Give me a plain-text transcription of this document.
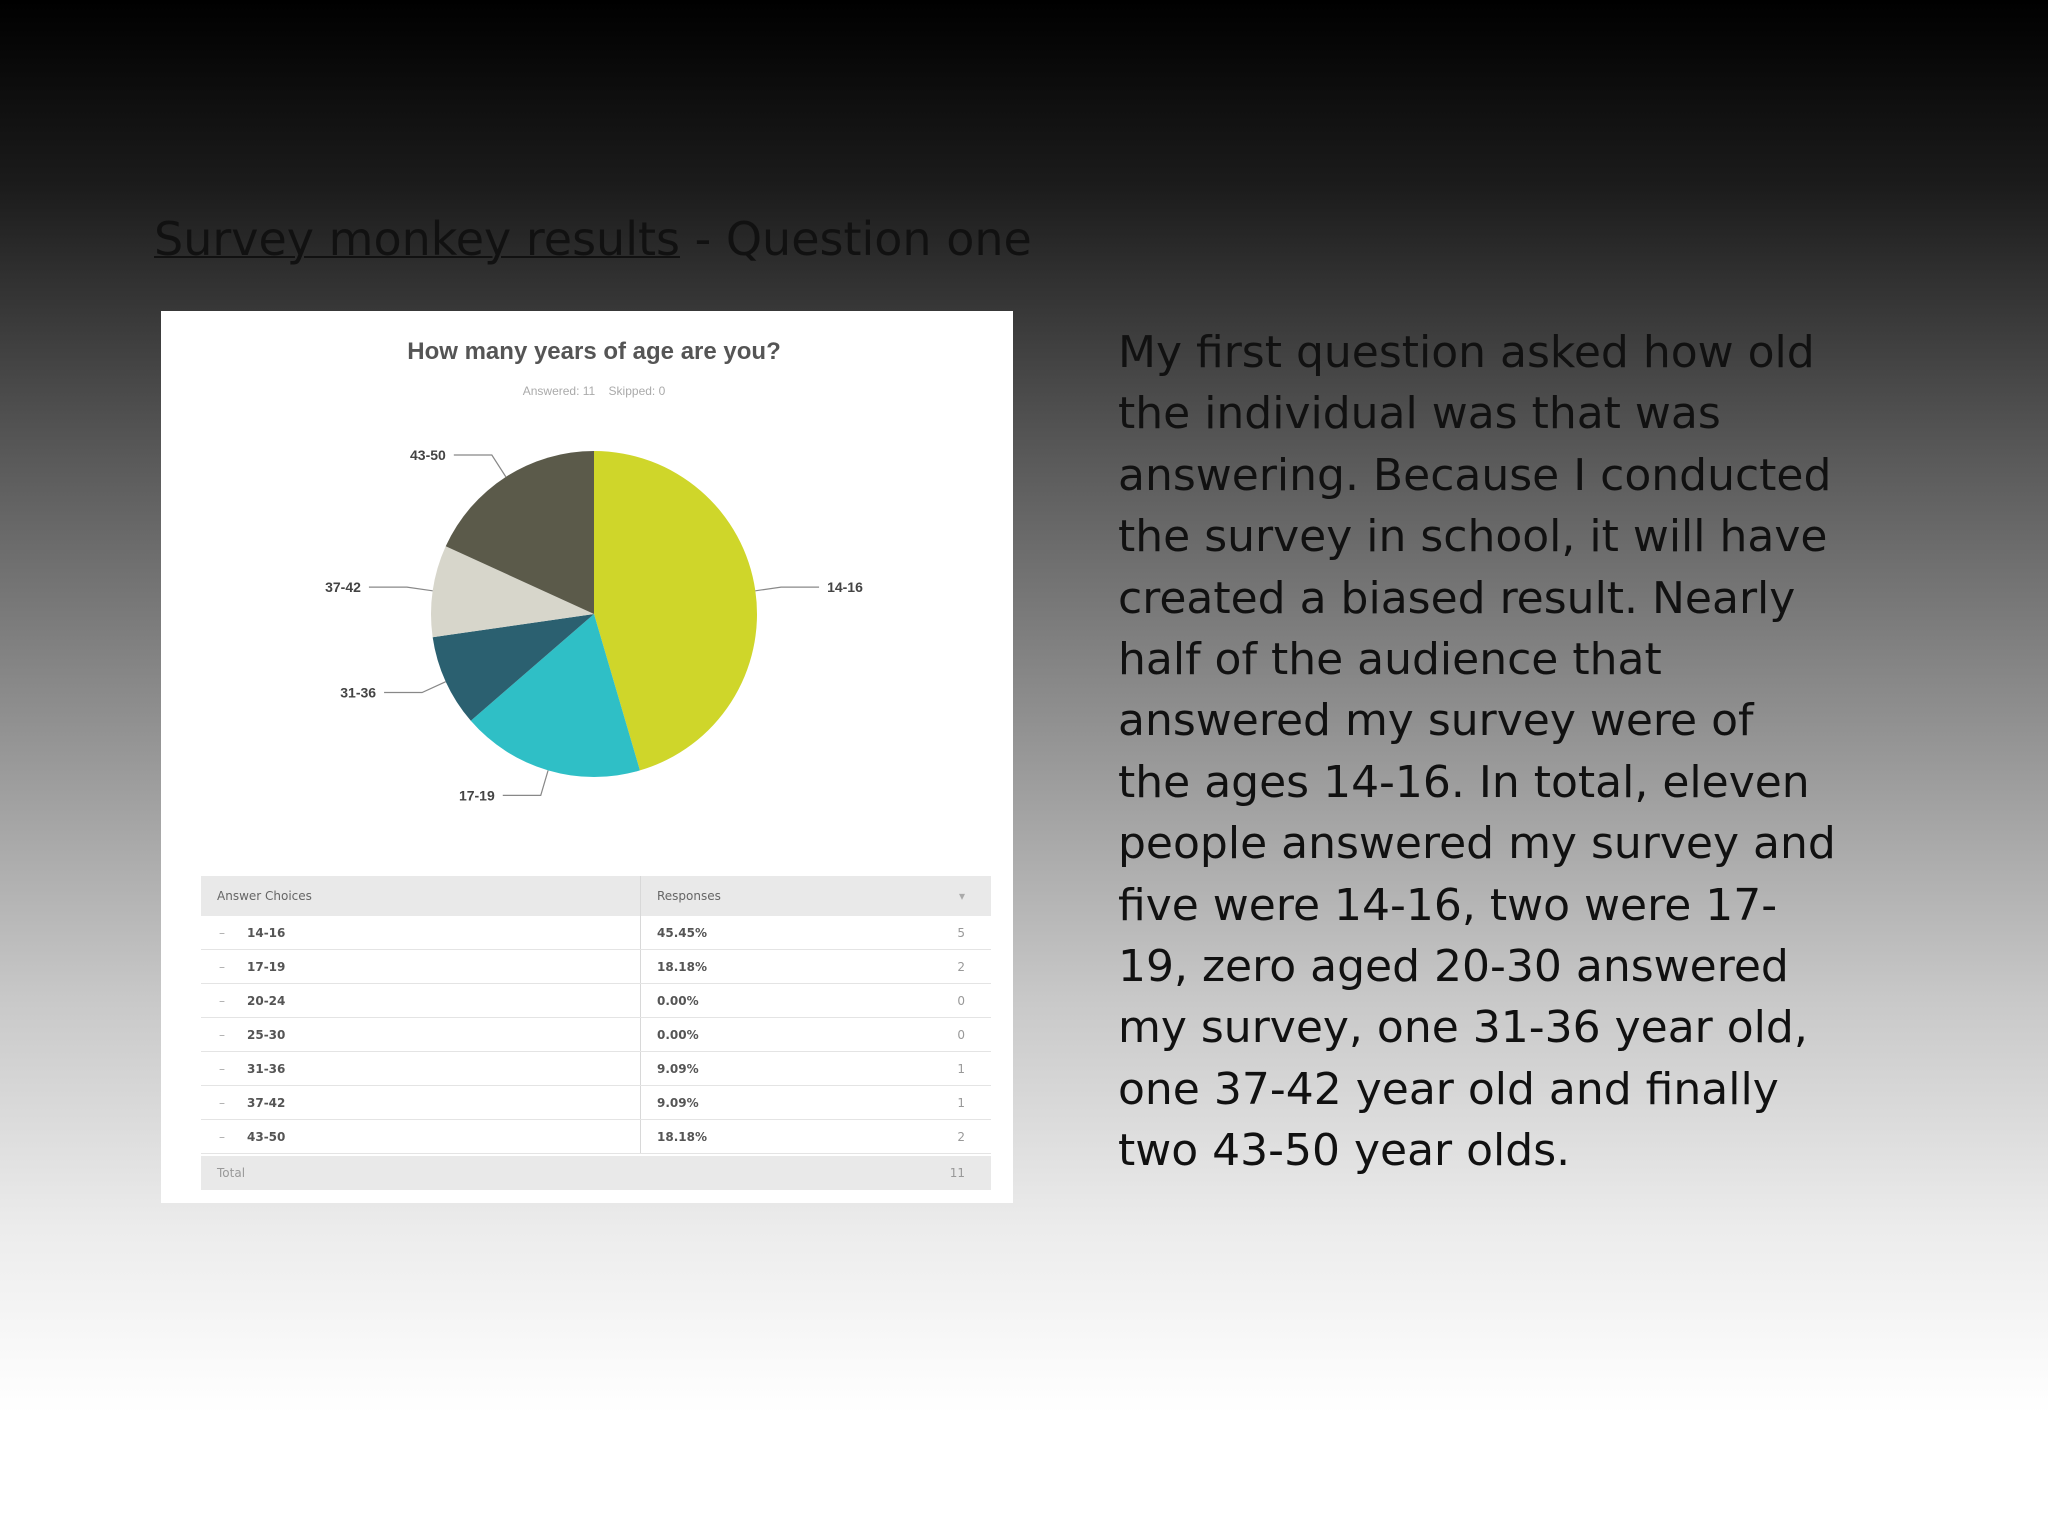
Survey monkey results - Question one
How many years of age are you?
Answered: 11    Skipped: 0
14-16
17-19
31-36
37-42
43-50
Answer Choices	Responses	▾
– 14-16	45.45%	5
– 17-19	18.18%	2
– 20-24	0.00%	0
– 25-30	0.00%	0
– 31-36	9.09%	1
– 37-42	9.09%	1
– 43-50	18.18%	2
Total	11
My first question asked how old the individual was that was answering. Because I conducted the survey in school, it will have created a biased result. Nearly half of the audience that answered my survey were of the ages 14-16. In total, eleven people answered my survey and five were 14-16, two were 17-19, zero aged 20-30 answered my survey, one 31-36 year old, one 37-42 year old and finally two 43-50 year olds.
